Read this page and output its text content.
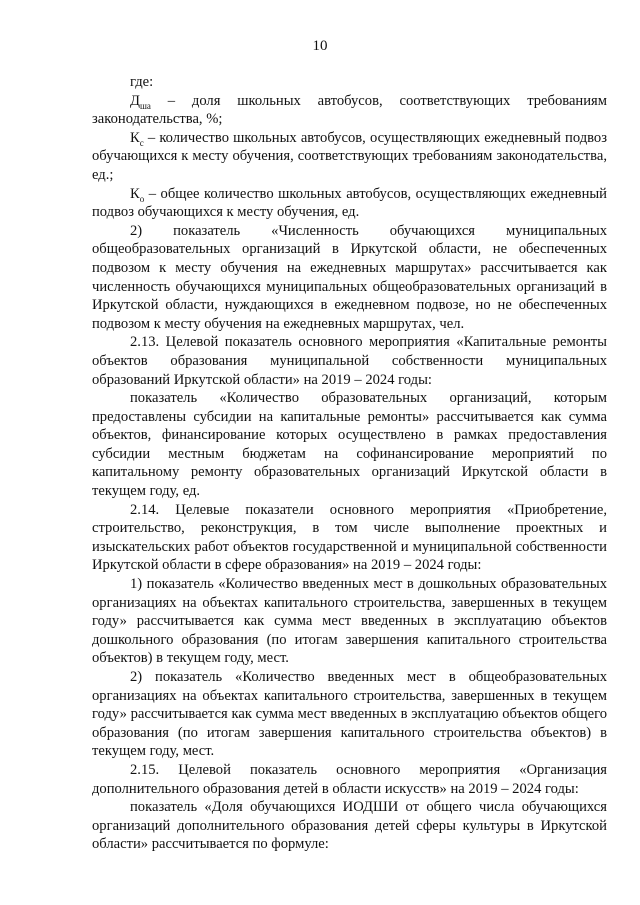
10

где:

$Д_{ша}$ – доля школьных автобусов, соответствующих требованиям законодательства, %;

$К_с$ – количество школьных автобусов, осуществляющих ежедневный подвоз обучающихся к месту обучения, соответствующих требованиям законодательства, ед.;

$К_о$ – общее количество школьных автобусов, осуществляющих ежедневный подвоз обучающихся к месту обучения, ед.

2) показатель «Численность обучающихся муниципальных общеобразовательных организаций в Иркутской области, не обеспеченных подвозом к месту обучения на ежедневных маршрутах» рассчитывается как численность обучающихся муниципальных общеобразовательных организаций в Иркутской области, нуждающихся в ежедневном подвозе, но не обеспеченных подвозом к месту обучения на ежедневных маршрутах, чел.

2.13. Целевой показатель основного мероприятия «Капитальные ремонты объектов образования муниципальной собственности муниципальных образований Иркутской области» на 2019 – 2024 годы:

показатель «Количество образовательных организаций, которым предоставлены субсидии на капитальные ремонты» рассчитывается как сумма объектов, финансирование которых осуществлено в рамках предоставления субсидии местным бюджетам на софинансирование мероприятий по капитальному ремонту образовательных организаций Иркутской области в текущем году, ед.

2.14. Целевые показатели основного мероприятия «Приобретение, строительство, реконструкция, в том числе выполнение проектных и изыскательских работ объектов государственной и муниципальной собственности Иркутской области в сфере образования» на 2019 – 2024 годы:

1) показатель «Количество введенных мест в дошкольных образовательных организациях на объектах капитального строительства, завершенных в текущем году» рассчитывается как сумма мест введенных в эксплуатацию объектов дошкольного образования (по итогам завершения капитального строительства объектов) в текущем году, мест.

2) показатель «Количество введенных мест в общеобразовательных организациях на объектах капитального строительства, завершенных в текущем году» рассчитывается как сумма мест введенных в эксплуатацию объектов общего образования (по итогам завершения капитального строительства объектов) в текущем году, мест.

2.15. Целевой показатель основного мероприятия «Организация дополнительного образования детей в области искусств» на 2019 – 2024 годы:

показатель «Доля обучающихся ИОДШИ от общего числа обучающихся организаций дополнительного образования детей сферы культуры в Иркутской области» рассчитывается по формуле:
